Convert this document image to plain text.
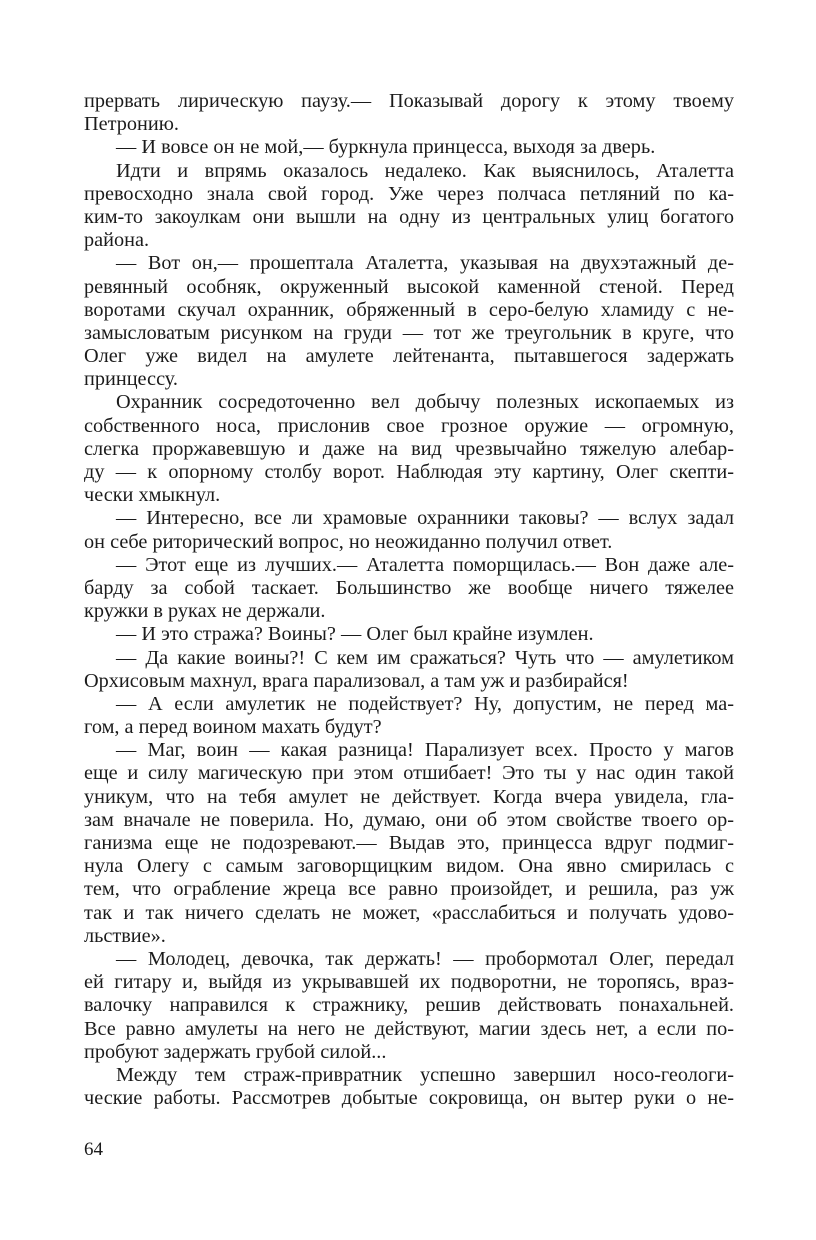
прервать лирическую паузу.— Показывай дорогу к этому твоему
Петронию.
— И вовсе он не мой,— буркнула принцесса, выходя за дверь.
Идти и впрямь оказалось недалеко. Как выяснилось, Аталетта
превосходно знала свой город. Уже через полчаса петляний по ка-
ким-то закоулкам они вышли на одну из центральных улиц богатого
района.
— Вот он,— прошептала Аталетта, указывая на двухэтажный де-
ревянный особняк, окруженный высокой каменной стеной. Перед
воротами скучал охранник, обряженный в серо-белую хламиду с не-
замысловатым рисунком на груди — тот же треугольник в круге, что
Олег уже видел на амулете лейтенанта, пытавшегося задержать
принцессу.
Охранник сосредоточенно вел добычу полезных ископаемых из
собственного носа, прислонив свое грозное оружие — огромную,
слегка проржавевшую и даже на вид чрезвычайно тяжелую алебар-
ду — к опорному столбу ворот. Наблюдая эту картину, Олег скепти-
чески хмыкнул.
— Интересно, все ли храмовые охранники таковы? — вслух задал
он себе риторический вопрос, но неожиданно получил ответ.
— Этот еще из лучших.— Аталетта поморщилась.— Вон даже але-
барду за собой таскает. Большинство же вообще ничего тяжелее
кружки в руках не держали.
— И это стража? Воины? — Олег был крайне изумлен.
— Да какие воины?! С кем им сражаться? Чуть что — амулетиком
Орхисовым махнул, врага парализовал, а там уж и разбирайся!
— А если амулетик не подействует? Ну, допустим, не перед ма-
гом, а перед воином махать будут?
— Маг, воин — какая разница! Парализует всех. Просто у магов
еще и силу магическую при этом отшибает! Это ты у нас один такой
уникум, что на тебя амулет не действует. Когда вчера увидела, гла-
зам вначале не поверила. Но, думаю, они об этом свойстве твоего ор-
ганизма еще не подозревают.— Выдав это, принцесса вдруг подмиг-
нула Олегу с самым заговорщицким видом. Она явно смирилась с
тем, что ограбление жреца все равно произойдет, и решила, раз уж
так и так ничего сделать не может, «расслабиться и получать удово-
льствие».
— Молодец, девочка, так держать! — пробормотал Олег, передал
ей гитару и, выйдя из укрывавшей их подворотни, не торопясь, враз-
валочку направился к стражнику, решив действовать понахальней.
Все равно амулеты на него не действуют, магии здесь нет, а если по-
пробуют задержать грубой силой...
Между тем страж-привратник успешно завершил носо-геологи-
ческие работы. Рассмотрев добытые сокровища, он вытер руки о не-
64
